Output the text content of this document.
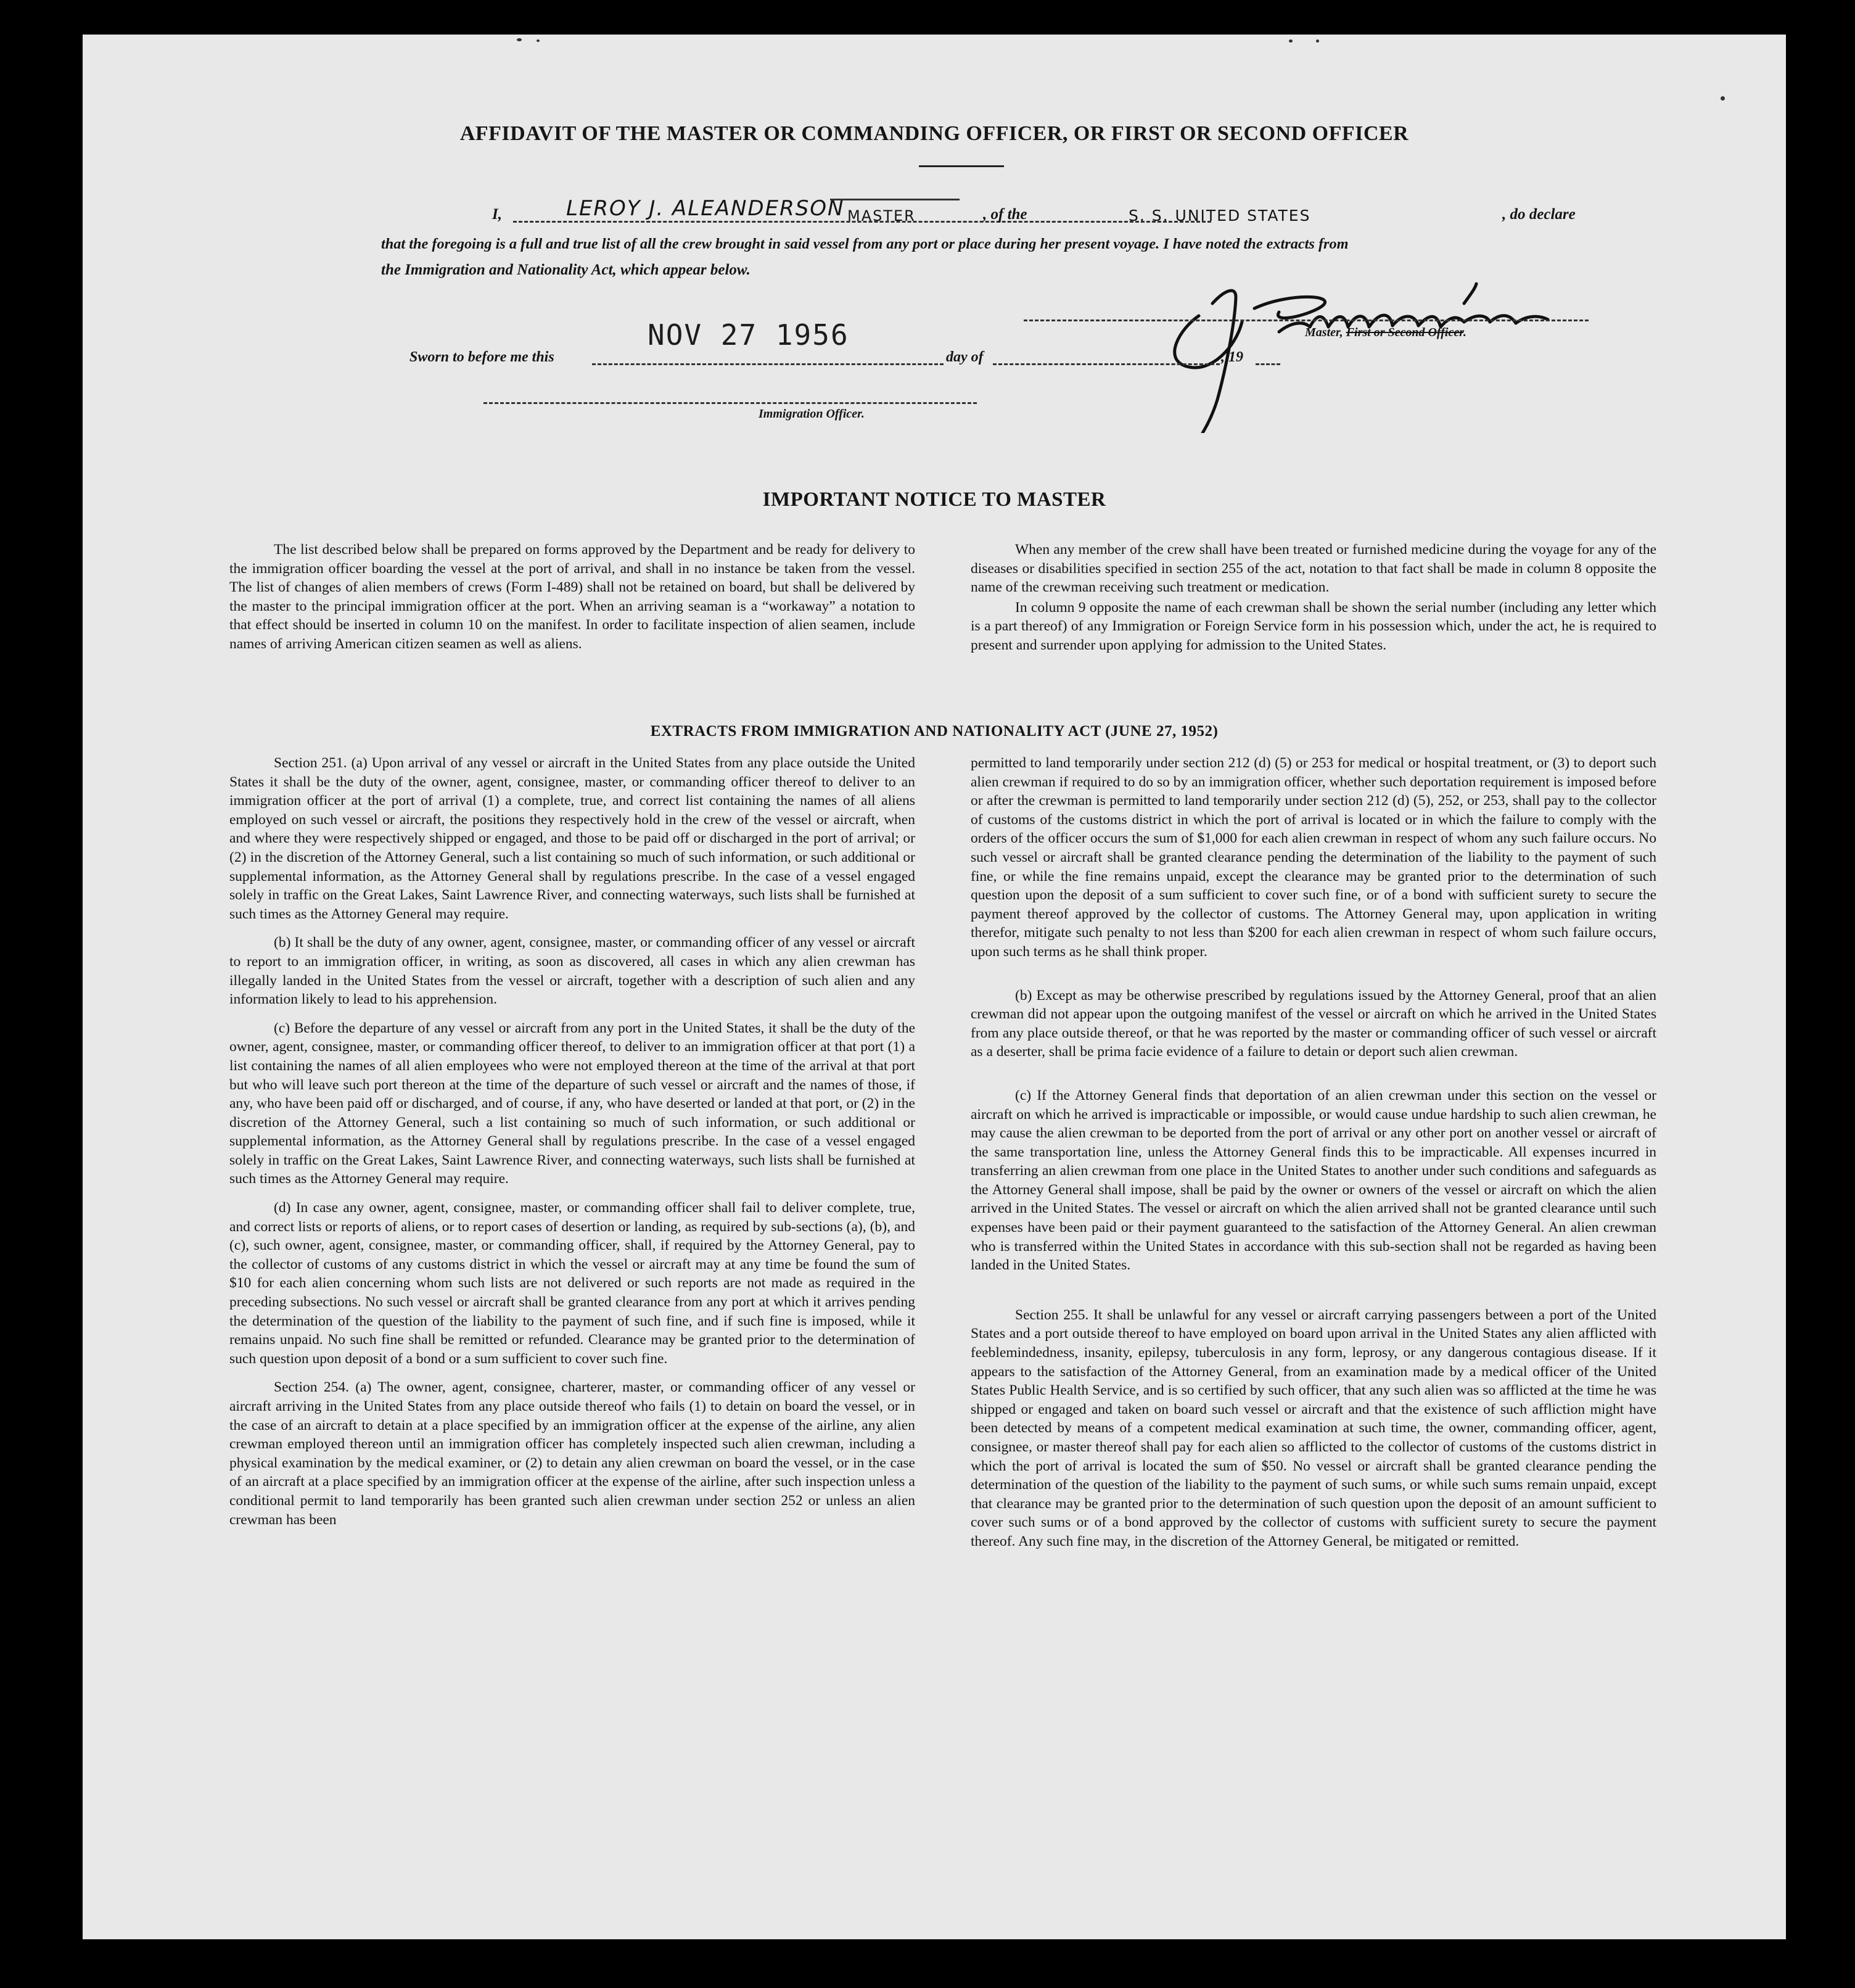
AFFIDAVIT OF THE MASTER OR COMMANDING OFFICER, OR FIRST OR SECOND OFFICER
I,	LEROY J. ALEANDERSON MASTER	, of the	S. S. UNITED STATES	, do declare
that the foregoing is a full and true list of all the crew brought in said vessel from any port or place during her present voyage. I have noted the extracts from
the Immigration and Nationality Act, which appear below.
Master, First or Second Officer.
Sworn to before me this
NOV 27 1956
day of	, 19
Immigration Officer.
IMPORTANT NOTICE TO MASTER

The list described below shall be prepared on forms approved by the Department and be ready for delivery to the immigration officer boarding the vessel at the port of arrival, and shall in no instance be taken from the vessel. The list of changes of alien members of crews (Form I-489) shall not be retained on board, but shall be delivered by the master to the principal immigration officer at the port. When an arriving seaman is a “workaway” a notation to that effect should be inserted in column 10 on the manifest. In order to facilitate inspection of alien seamen, include names of arriving American citizen seamen as well as aliens.

When any member of the crew shall have been treated or furnished medicine during the voyage for any of the diseases or disabilities specified in section 255 of the act, notation to that fact shall be made in column 8 opposite the name of the crewman receiving such treatment or medication.

In column 9 opposite the name of each crewman shall be shown the serial number (including any letter which is a part thereof) of any Immigration or Foreign Service form in his possession which, under the act, he is required to present and surrender upon applying for admission to the United States.

EXTRACTS FROM IMMIGRATION AND NATIONALITY ACT (JUNE 27, 1952)

Section 251. (a) Upon arrival of any vessel or aircraft in the United States from any place outside the United States it shall be the duty of the owner, agent, consignee, master, or commanding officer thereof to deliver to an immigration officer at the port of arrival (1) a complete, true, and correct list containing the names of all aliens employed on such vessel or aircraft, the positions they respectively hold in the crew of the vessel or aircraft, when and where they were respectively shipped or engaged, and those to be paid off or discharged in the port of arrival; or (2) in the discretion of the Attorney General, such a list containing so much of such information, or such additional or supplemental information, as the Attorney General shall by regulations prescribe. In the case of a vessel engaged solely in traffic on the Great Lakes, Saint Lawrence River, and connecting waterways, such lists shall be furnished at such times as the Attorney General may require.

(b) It shall be the duty of any owner, agent, consignee, master, or commanding officer of any vessel or aircraft to report to an immigration officer, in writing, as soon as discovered, all cases in which any alien crewman has illegally landed in the United States from the vessel or aircraft, together with a description of such alien and any information likely to lead to his apprehension.

(c) Before the departure of any vessel or aircraft from any port in the United States, it shall be the duty of the owner, agent, consignee, master, or commanding officer thereof, to deliver to an immigration officer at that port (1) a list containing the names of all alien employees who were not employed thereon at the time of the arrival at that port but who will leave such port thereon at the time of the departure of such vessel or aircraft and the names of those, if any, who have been paid off or discharged, and of course, if any, who have deserted or landed at that port, or (2) in the discretion of the Attorney General, such a list containing so much of such information, or such additional or supplemental information, as the Attorney General shall by regulations prescribe. In the case of a vessel engaged solely in traffic on the Great Lakes, Saint Lawrence River, and connecting waterways, such lists shall be furnished at such times as the Attorney General may require.

(d) In case any owner, agent, consignee, master, or commanding officer shall fail to deliver complete, true, and correct lists or reports of aliens, or to report cases of desertion or landing, as required by sub-sections (a), (b), and (c), such owner, agent, consignee, master, or commanding officer, shall, if required by the Attorney General, pay to the collector of customs of any customs district in which the vessel or aircraft may at any time be found the sum of $10 for each alien concerning whom such lists are not delivered or such reports are not made as required in the preceding subsections. No such vessel or aircraft shall be granted clearance from any port at which it arrives pending the determination of the question of the liability to the payment of such fine, and if such fine is imposed, while it remains unpaid. No such fine shall be remitted or refunded. Clearance may be granted prior to the determination of such question upon deposit of a bond or a sum sufficient to cover such fine.

Section 254. (a) The owner, agent, consignee, charterer, master, or commanding officer of any vessel or aircraft arriving in the United States from any place outside thereof who fails (1) to detain on board the vessel, or in the case of an aircraft to detain at a place specified by an immigration officer at the expense of the airline, any alien crewman employed thereon until an immigration officer has completely inspected such alien crewman, including a physical examination by the medical examiner, or (2) to detain any alien crewman on board the vessel, or in the case of an aircraft at a place specified by an immigration officer at the expense of the airline, after such inspection unless a conditional permit to land temporarily has been granted such alien crewman under section 252 or unless an alien crewman has been

permitted to land temporarily under section 212 (d) (5) or 253 for medical or hospital treatment, or (3) to deport such alien crewman if required to do so by an immigration officer, whether such deportation requirement is imposed before or after the crewman is permitted to land temporarily under section 212 (d) (5), 252, or 253, shall pay to the collector of customs of the customs district in which the port of arrival is located or in which the failure to comply with the orders of the officer occurs the sum of $1,000 for each alien crewman in respect of whom any such failure occurs. No such vessel or aircraft shall be granted clearance pending the determination of the liability to the payment of such fine, or while the fine remains unpaid, except the clearance may be granted prior to the determination of such question upon the deposit of a sum sufficient to cover such fine, or of a bond with sufficient surety to secure the payment thereof approved by the collector of customs. The Attorney General may, upon application in writing therefor, mitigate such penalty to not less than $200 for each alien crewman in respect of whom such failure occurs, upon such terms as he shall think proper.

(b) Except as may be otherwise prescribed by regulations issued by the Attorney General, proof that an alien crewman did not appear upon the outgoing manifest of the vessel or aircraft on which he arrived in the United States from any place outside thereof, or that he was reported by the master or commanding officer of such vessel or aircraft as a deserter, shall be prima facie evidence of a failure to detain or deport such alien crewman.

(c) If the Attorney General finds that deportation of an alien crewman under this section on the vessel or aircraft on which he arrived is impracticable or impossible, or would cause undue hardship to such alien crewman, he may cause the alien crewman to be deported from the port of arrival or any other port on another vessel or aircraft of the same transportation line, unless the Attorney General finds this to be impracticable. All expenses incurred in transferring an alien crewman from one place in the United States to another under such conditions and safeguards as the Attorney General shall impose, shall be paid by the owner or owners of the vessel or aircraft on which the alien arrived in the United States. The vessel or aircraft on which the alien arrived shall not be granted clearance until such expenses have been paid or their payment guaranteed to the satisfaction of the Attorney General. An alien crewman who is transferred within the United States in accordance with this sub-section shall not be regarded as having been landed in the United States.

Section 255. It shall be unlawful for any vessel or aircraft carrying passengers between a port of the United States and a port outside thereof to have employed on board upon arrival in the United States any alien afflicted with feeblemindedness, insanity, epilepsy, tuberculosis in any form, leprosy, or any dangerous contagious disease. If it appears to the satisfaction of the Attorney General, from an examination made by a medical officer of the United States Public Health Service, and is so certified by such officer, that any such alien was so afflicted at the time he was shipped or engaged and taken on board such vessel or aircraft and that the existence of such affliction might have been detected by means of a competent medical examination at such time, the owner, commanding officer, agent, consignee, or master thereof shall pay for each alien so afflicted to the collector of customs of the customs district in which the port of arrival is located the sum of $50. No vessel or aircraft shall be granted clearance pending the determination of the question of the liability to the payment of such sums, or while such sums remain unpaid, except that clearance may be granted prior to the determination of such question upon the deposit of an amount sufficient to cover such sums or of a bond approved by the collector of customs with sufficient surety to secure the payment thereof. Any such fine may, in the discretion of the Attorney General, be mitigated or remitted.
